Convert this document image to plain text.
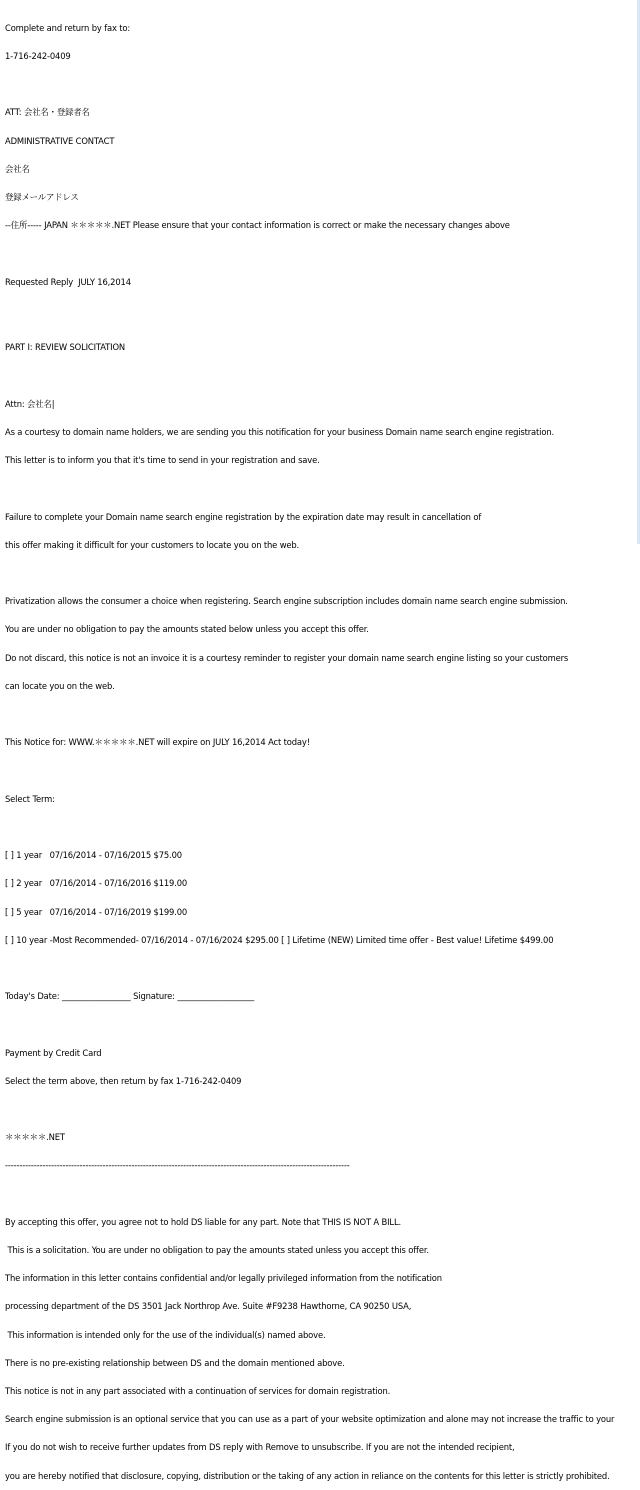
Complete and return by fax to:

1-716-242-0409

ATT: 会社名・登録者名

ADMINISTRATIVE CONTACT

会社名

登録メールアドレス

--住所----- JAPAN ＊＊＊＊＊.NET Please ensure that your contact information is correct or make the necessary changes above

Requested Reply  JULY 16,2014

PART I: REVIEW SOLICITATION

Attn: 会社名|

As a courtesy to domain name holders, we are sending you this notification for your business Domain name search engine registration.

This letter is to inform you that it's time to send in your registration and save.

Failure to complete your Domain name search engine registration by the expiration date may result in cancellation of

this offer making it difficult for your customers to locate you on the web.

Privatization allows the consumer a choice when registering. Search engine subscription includes domain name search engine submission.

You are under no obligation to pay the amounts stated below unless you accept this offer.

Do not discard, this notice is not an invoice it is a courtesy reminder to register your domain name search engine listing so your customers

can locate you on the web.

This Notice for: WWW.＊＊＊＊＊.NET will expire on JULY 16,2014 Act today!

Select Term:

[ ] 1 year   07/16/2014 - 07/16/2015 $75.00

[ ] 2 year   07/16/2014 - 07/16/2016 $119.00

[ ] 5 year   07/16/2014 - 07/16/2019 $199.00

[ ] 10 year -Most Recommended- 07/16/2014 - 07/16/2024 $295.00 [ ] Lifetime (NEW) Limited time offer - Best value! Lifetime $499.00

Today's Date: _________________ Signature: ___________________

Payment by Credit Card

Select the term above, then return by fax 1-716-242-0409

＊＊＊＊＊.NET

------------------------------------------------------------------------------------------------------------------------

By accepting this offer, you agree not to hold DS liable for any part. Note that THIS IS NOT A BILL.

This is a solicitation. You are under no obligation to pay the amounts stated unless you accept this offer.

The information in this letter contains confidential and/or legally privileged information from the notification

processing department of the DS 3501 Jack Northrop Ave. Suite #F9238 Hawthorne, CA 90250 USA,

This information is intended only for the use of the individual(s) named above.

There is no pre-existing relationship between DS and the domain mentioned above.

This notice is not in any part associated with a continuation of services for domain registration.

Search engine submission is an optional service that you can use as a part of your website optimization and alone may not increase the traffic to your

If you do not wish to receive further updates from DS reply with Remove to unsubscribe. If you are not the intended recipient,

you are hereby notified that disclosure, copying, distribution or the taking of any action in reliance on the contents for this letter is strictly prohibited.
